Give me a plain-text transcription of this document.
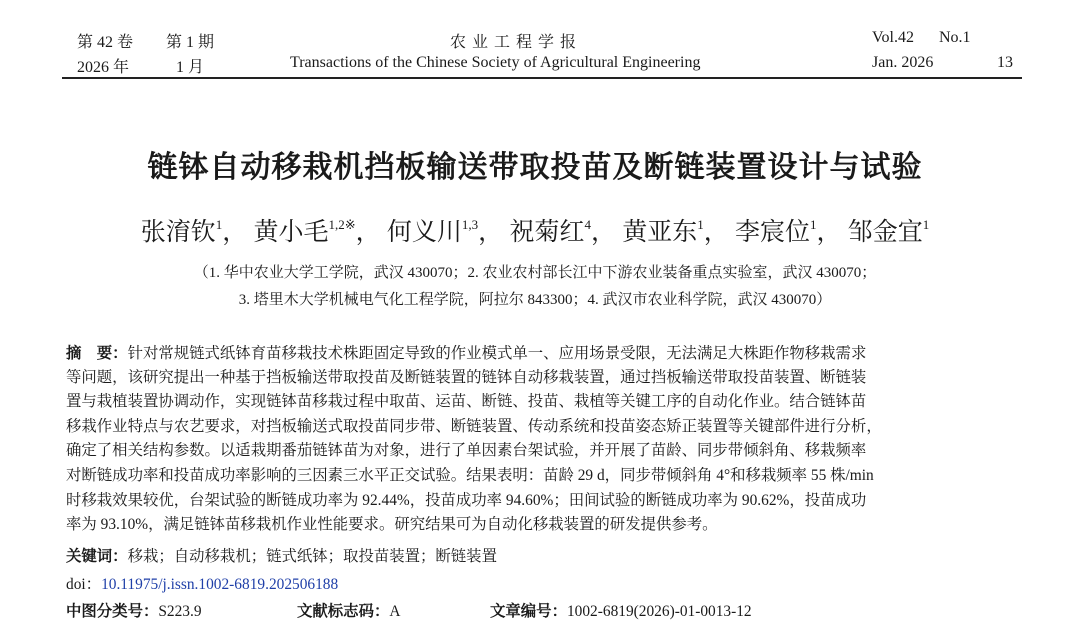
第 42 卷 第 1 期
2026 年	1 月
农 业 工 程 学 报
Transactions of the Chinese Society of Agricultural Engineering
Vol.42 No.1
Jan. 2026	13
链钵自动移栽机挡板输送带取投苗及断链装置设计与试验
张淯钦$^1$， 黄小毛$^{1,2※}$， 何义川$^{1,3}$， 祝菊红$^4$， 黄亚东$^1$， 李宸位$^1$， 邹金宜$^1$
（1. 华中农业大学工学院，武汉 430070；2. 农业农村部长江中下游农业装备重点实验室，武汉 430070；
3. 塔里木大学机械电气化工程学院，阿拉尔 843300；4. 武汉市农业科学院，武汉 430070）
摘　要：针对常规链式纸钵育苗移栽技术株距固定导致的作业模式单一、应用场景受限，无法满足大株距作物移栽需求
等问题，该研究提出一种基于挡板输送带取投苗及断链装置的链钵自动移栽装置，通过挡板输送带取投苗装置、断链装
置与栽植装置协调动作，实现链钵苗移栽过程中取苗、运苗、断链、投苗、栽植等关键工序的自动化作业。结合链钵苗
移栽作业特点与农艺要求，对挡板输送式取投苗同步带、断链装置、传动系统和投苗姿态矫正装置等关键部件进行分析，
确定了相关结构参数。以适栽期番茄链钵苗为对象，进行了单因素台架试验，并开展了苗龄、同步带倾斜角、移栽频率
对断链成功率和投苗成功率影响的三因素三水平正交试验。结果表明：苗龄 29 d，同步带倾斜角 4°和移栽频率 55 株/min
时移栽效果较优，台架试验的断链成功率为 92.44%，投苗成功率 94.60%；田间试验的断链成功率为 90.62%，投苗成功
率为 93.10%，满足链钵苗移栽机作业性能要求。研究结果可为自动化移栽装置的研发提供参考。
关键词：移栽；自动移栽机；链式纸钵；取投苗装置；断链装置
doi：10.11975/j.issn.1002-6819.202506188
中图分类号：S223.9	文献标志码：A	文章编号：1002-6819(2026)-01-0013-12
